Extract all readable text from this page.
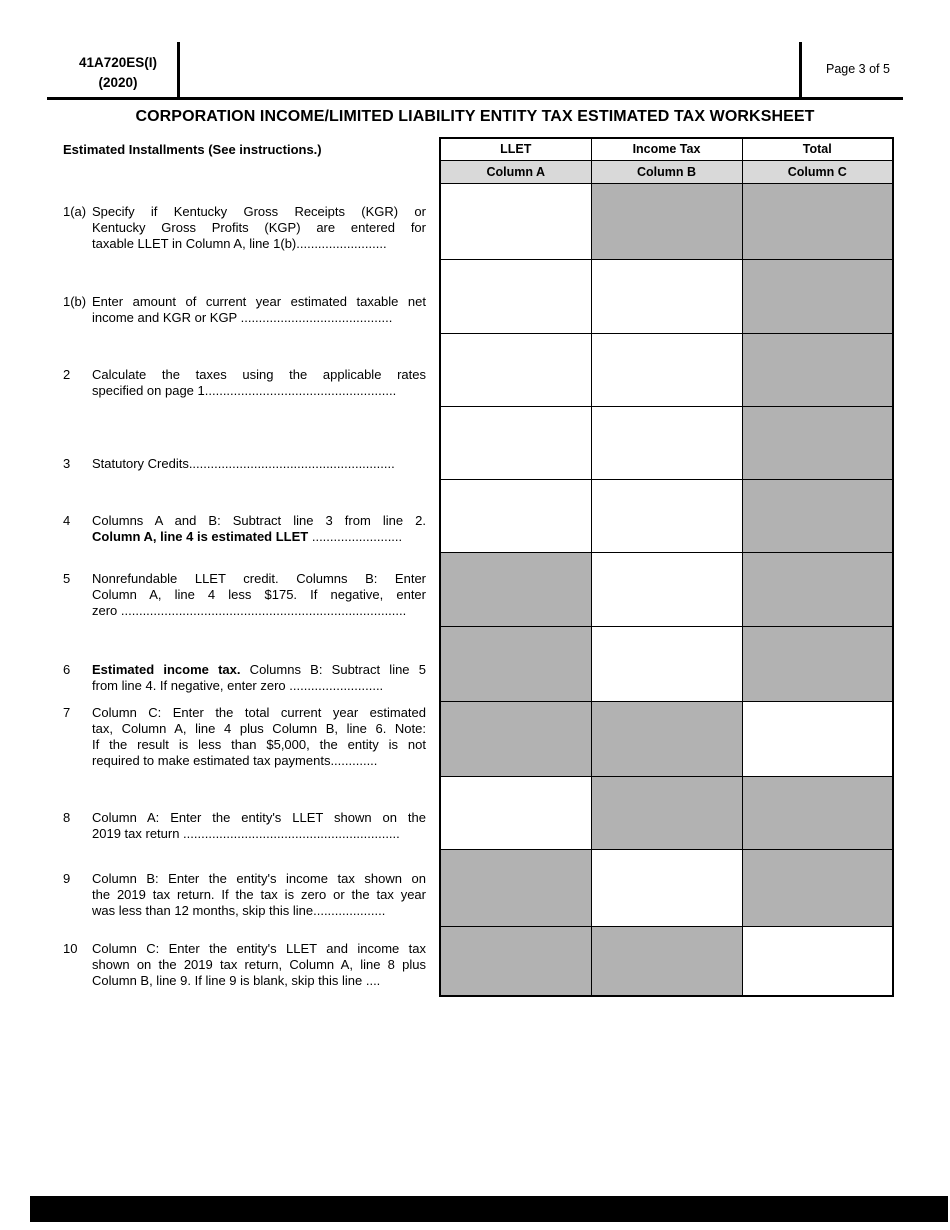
41A720ES(I)
(2020)
Page 3 of 5
CORPORATION INCOME/LIMITED LIABILITY ENTITY TAX ESTIMATED TAX WORKSHEET
Estimated Installments (See instructions.)	LLET	Income Tax	Total
	Column A	Column B	Column C

1(a) Specify if Kentucky Gross Receipts (KGR) or
Kentucky Gross Profits (KGP) are entered for
taxable LLET in Column A, line 1(b).........................			

1(b) Enter amount of current year estimated taxable net
income and KGR or KGP ..........................................			

2 Calculate the taxes using the applicable rates
specified on page 1.....................................................			

3 Statutory Credits.........................................................			

4 Columns A and B: Subtract line 3 from line 2.
Column A, line 4 is estimated LLET .........................			

5 Nonrefundable LLET credit. Columns B: Enter
Column A, line 4 less $175. If negative, enter
zero ...............................................................................			

6 Estimated income tax. Columns B: Subtract line 5
from line 4. If negative, enter zero ..........................			

7 Column C: Enter the total current year estimated
tax, Column A, line 4 plus Column B, line 6. Note:
If the result is less than $5,000, the entity is not
required to make estimated tax payments.............			

8 Column A: Enter the entity's LLET shown on the
2019 tax return ............................................................			

9 Column B: Enter the entity's income tax shown on
the 2019 tax return. If the tax is zero or the tax year
was less than 12 months, skip this line....................			

10 Column C: Enter the entity's LLET and income tax
shown on the 2019 tax return, Column A, line 8 plus
Column B, line 9. If line 9 is blank, skip this line ....			
